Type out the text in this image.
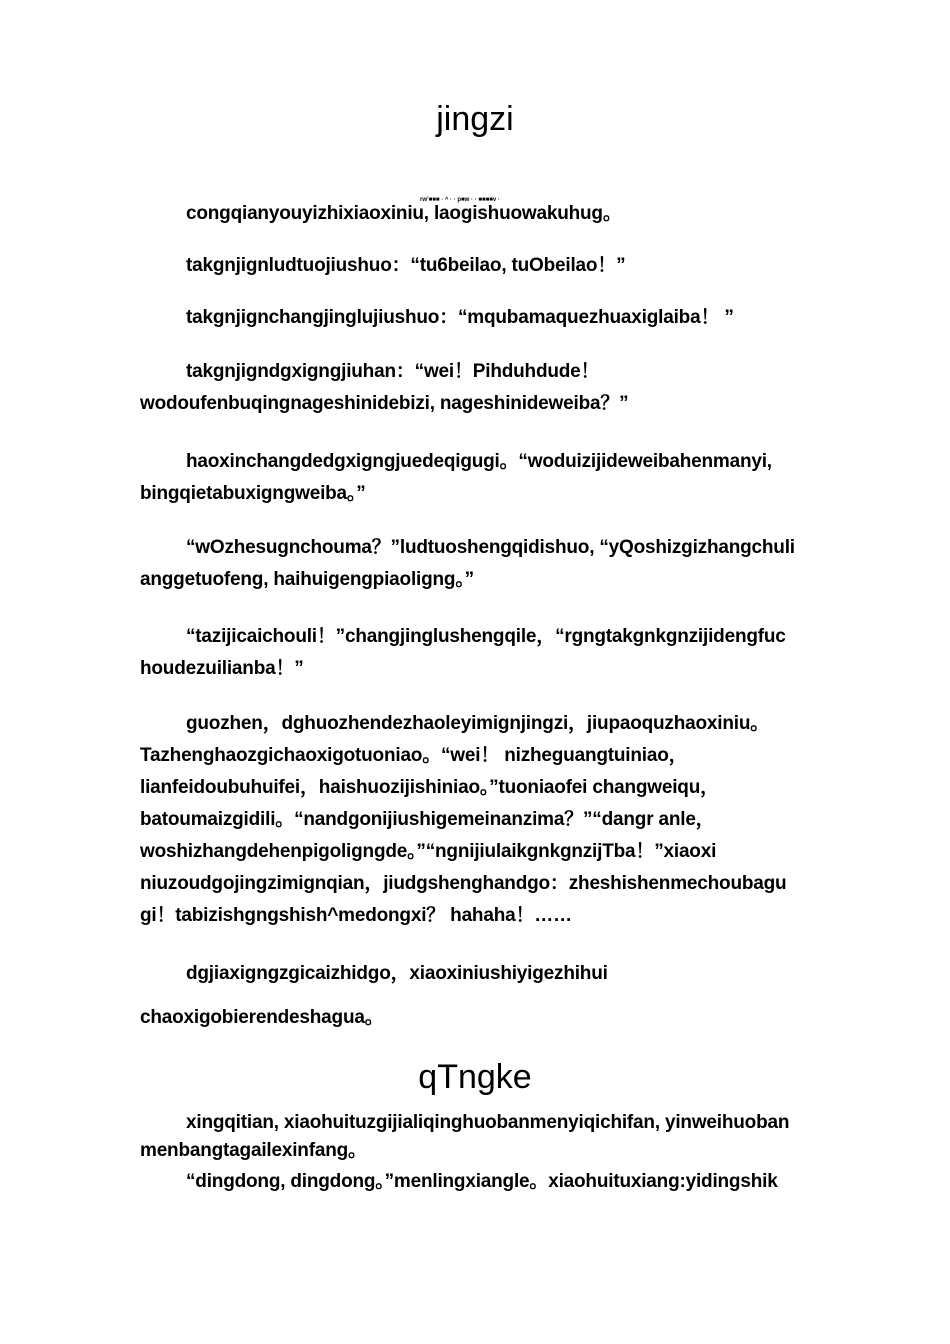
jingzi
rw’■■■ · ^ · · p■w · · ■■■■v ·

congqianyouyizhixiaoxiniu, laogishuowakuhug。

takgnjignludtuojiushuo：“tu6beilao, tuObeilao！”

takgnjignchangjinglujiushuo：“mqubamaquezhuaxiglaiba！ ”

takgnjigndgxigngjiuhan：“wei！Pihduhdude！ wodoufenbuqingnageshinidebizi, nageshinideweiba？”

haoxinchangdedgxigngjuedeqigugi。“woduizijideweibahenmanyi, bingqietabuxigngweiba。”

“wOzhesugnchouma？”ludtuoshengqidishuo, “yQoshizgizhangchuli anggetuofeng, haihuigengpiaoligng。”

“tazijicaichouli！”changjinglushengqile，“rgngtakgnkgnzijidengfuc houdezuilianba！”

guozhen，dghuozhendezhaoleyimignjingzi，jiupaoquzhaoxiniu。 Tazhenghaozgichaoxigotuoniao。“wei！ nizheguangtuiniao，lianfeidoubuhuifei，haishuozijishiniao。”tuoniaofei changweiqu，batoumaizgidili。“nandgonijiushigemeinanzima？”“dangr anle，woshizhangdehenpigoligngde。”“ngnijiulaikgnkgnzijTba！”xiaoxi niuzoudgojingzimignqian，jiudgshenghandgo：zheshishenmechoubagu gi！tabizishgngshish^medongxi？ hahaha！……

dgjiaxigngzgicaizhidgo，xiaoxiniushiyigezhihui

chaoxigobierendeshagua。

qTngke

xingqitian, xiaohuituzgijialiqinghuobanmenyiqichifan, yinweihuoban menbangtagailexinfang。

“dingdong, dingdong。”menlingxiangle。xiaohuituxiang:yidingshik
